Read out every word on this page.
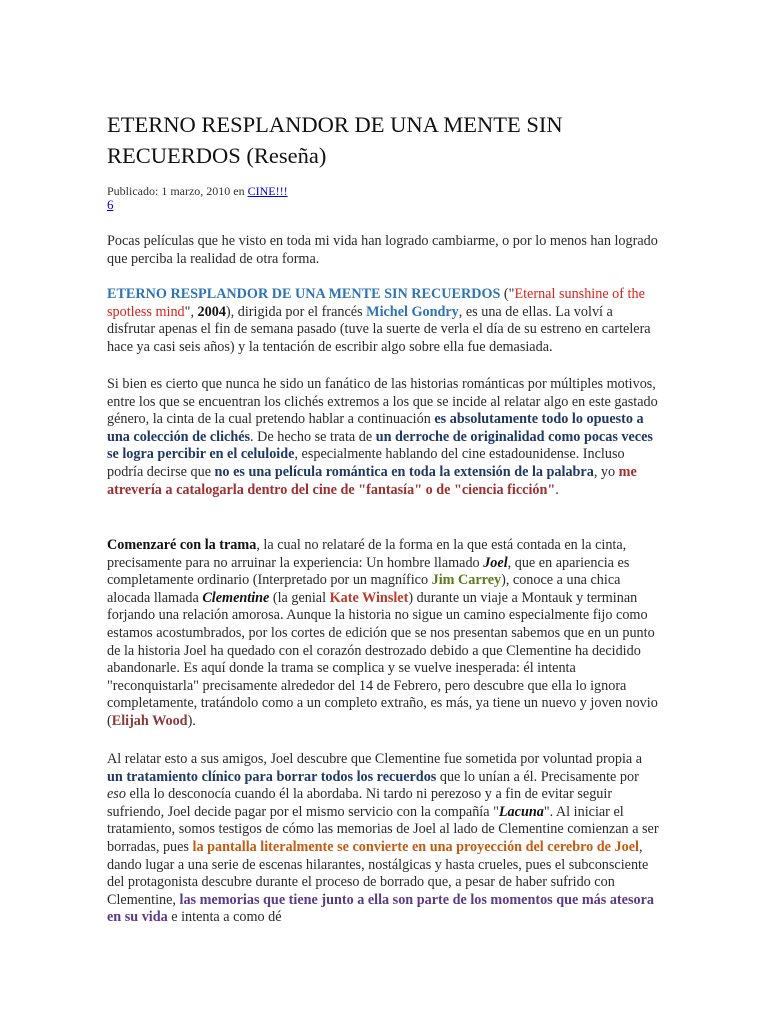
ETERNO RESPLANDOR DE UNA MENTE SIN RECUERDOS (Reseña)
Publicado: 1 marzo, 2010 en CINE!!!
6

Pocas películas que he visto en toda mi vida han logrado cambiarme, o por lo menos han logrado que perciba la realidad de otra forma.

ETERNO RESPLANDOR DE UNA MENTE SIN RECUERDOS ("Eternal sunshine of the spotless mind", 2004), dirigida por el francés Michel Gondry, es una de ellas. La volví a disfrutar apenas el fin de semana pasado (tuve la suerte de verla el día de su estreno en cartelera hace ya casi seis años) y la tentación de escribir algo sobre ella fue demasiada.

Si bien es cierto que nunca he sido un fanático de las historias románticas por múltiples motivos, entre los que se encuentran los clichés extremos a los que se incide al relatar algo en este gastado género, la cinta de la cual pretendo hablar a continuación es absolutamente todo lo opuesto a una colección de clichés. De hecho se trata de un derroche de originalidad como pocas veces se logra percibir en el celuloide, especialmente hablando del cine estadounidense. Incluso podría decirse que no es una película romántica en toda la extensión de la palabra, yo me atrevería a catalogarla dentro del cine de "fantasía" o de "ciencia ficción".

Comenzaré con la trama, la cual no relataré de la forma en la que está contada en la cinta, precisamente para no arruinar la experiencia: Un hombre llamado Joel, que en apariencia es completamente ordinario (Interpretado por un magnífico Jim Carrey), conoce a una chica alocada llamada Clementine (la genial Kate Winslet) durante un viaje a Montauk y terminan forjando una relación amorosa. Aunque la historia no sigue un camino especialmente fijo como estamos acostumbrados, por los cortes de edición que se nos presentan sabemos que en un punto de la historia Joel ha quedado con el corazón destrozado debido a que Clementine ha decidido abandonarle. Es aquí donde la trama se complica y se vuelve inesperada: él intenta "reconquistarla" precisamente alrededor del 14 de Febrero, pero descubre que ella lo ignora completamente, tratándolo como a un completo extraño, es más, ya tiene un nuevo y joven novio (Elijah Wood).

Al relatar esto a sus amigos, Joel descubre que Clementine fue sometida por voluntad propia a un tratamiento clínico para borrar todos los recuerdos que lo unían a él. Precisamente por eso ella lo desconocía cuando él la abordaba. Ni tardo ni perezoso y a fin de evitar seguir sufriendo, Joel decide pagar por el mismo servicio con la compañía "Lacuna". Al iniciar el tratamiento, somos testigos de cómo las memorias de Joel al lado de Clementine comienzan a ser borradas, pues la pantalla literalmente se convierte en una proyección del cerebro de Joel, dando lugar a una serie de escenas hilarantes, nostálgicas y hasta crueles, pues el subconsciente del protagonista descubre durante el proceso de borrado que, a pesar de haber sufrido con Clementine, las memorias que tiene junto a ella son parte de los momentos que más atesora en su vida e intenta a como dé
